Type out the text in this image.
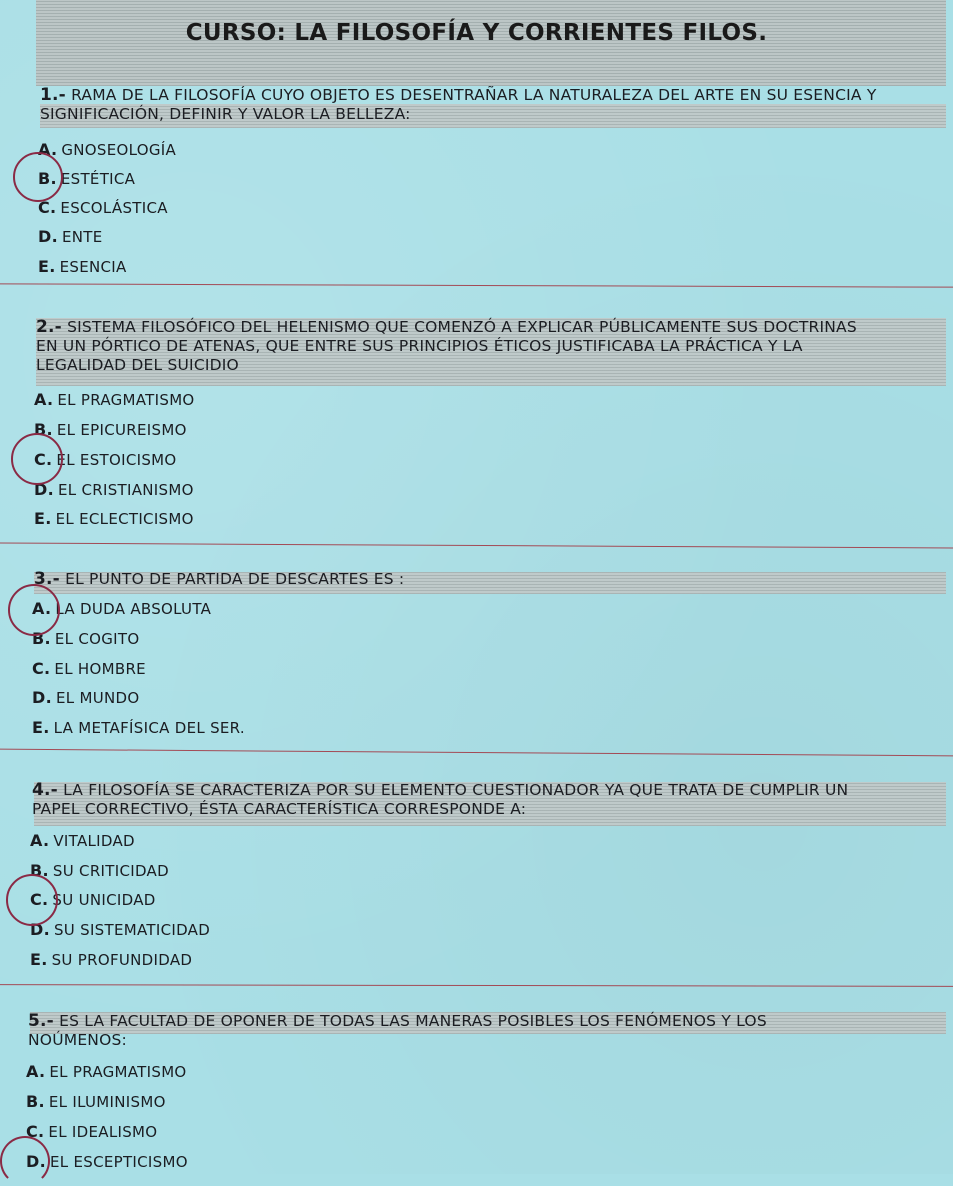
CURSO: LA FILOSOFÍA Y CORRIENTES FILOS.
1.- RAMA DE LA FILOSOFÍA CUYO OBJETO ES DESENTRAÑAR LA NATURALEZA DEL ARTE EN SU ESENCIA Y
SIGNIFICACIÓN, DEFINIR Y VALOR LA BELLEZA:
A. GNOSEOLOGÍA
B. ESTÉTICA
C. ESCOLÁSTICA
D. ENTE
E. ESENCIA
2.- SISTEMA FILOSÓFICO DEL HELENISMO QUE COMENZÓ A EXPLICAR PÚBLICAMENTE SUS DOCTRINAS
EN UN PÓRTICO DE ATENAS, QUE ENTRE SUS PRINCIPIOS ÉTICOS JUSTIFICABA LA PRÁCTICA Y LA
LEGALIDAD DEL SUICIDIO
A. EL PRAGMATISMO
B. EL EPICUREISMO
C. EL ESTOICISMO
D. EL CRISTIANISMO
E. EL ECLECTICISMO
3.- EL PUNTO DE PARTIDA DE DESCARTES ES :
A. LA DUDA ABSOLUTA
B. EL COGITO
C. EL HOMBRE
D. EL MUNDO
E. LA METAFÍSICA DEL SER.
4.- LA FILOSOFÍA SE CARACTERIZA POR SU ELEMENTO CUESTIONADOR YA QUE TRATA DE CUMPLIR UN
PAPEL CORRECTIVO, ÉSTA CARACTERÍSTICA CORRESPONDE A:
A. VITALIDAD
B. SU CRITICIDAD
C. SU UNICIDAD
D. SU SISTEMATICIDAD
E. SU PROFUNDIDAD
5.- ES LA FACULTAD DE OPONER DE TODAS LAS MANERAS POSIBLES LOS FENÓMENOS Y LOS
NOÚMENOS:
A. EL PRAGMATISMO
B. EL ILUMINISMO
C. EL IDEALISMO
D. EL ESCEPTICISMO
